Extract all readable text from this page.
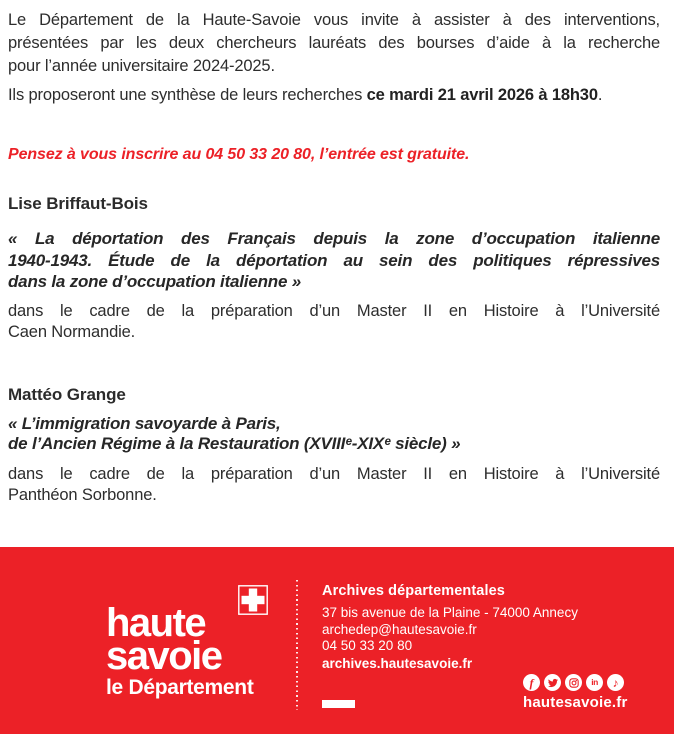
Le Département de la Haute-Savoie vous invite à assister à des interventions,
présentées par les deux chercheurs lauréats des bourses d’aide à la recherche
pour l’année universitaire 2024-2025.

Ils proposeront une synthèse de leurs recherches ce mardi 21 avril 2026 à 18h30.

Pensez à vous inscrire au 04 50 33 20 80, l’entrée est gratuite.

Lise Briffaut-Bois
« La déportation des Français depuis la zone d’occupation italienne
1940-1943. Étude de la déportation au sein des politiques répressives
dans la zone d’occupation italienne »
dans le cadre de la préparation d’un Master II en Histoire à l’Université
Caen Normandie.
Mattéo Grange
« L’immigration savoyarde à Paris,
de l’Ancien Régime à la Restauration (XVIIIᵉ-XIXᵉ siècle) »
dans le cadre de la préparation d’un Master II en Histoire à l’Université
Panthéon Sorbonne.
haute
savoie
le Département
Archives départementales
37 bis avenue de la Plaine - 74000 Annecy
archedep@hautesavoie.fr
04 50 33 20 80
archives.hautesavoie.fr
f	in ♪
hautesavoie.fr
